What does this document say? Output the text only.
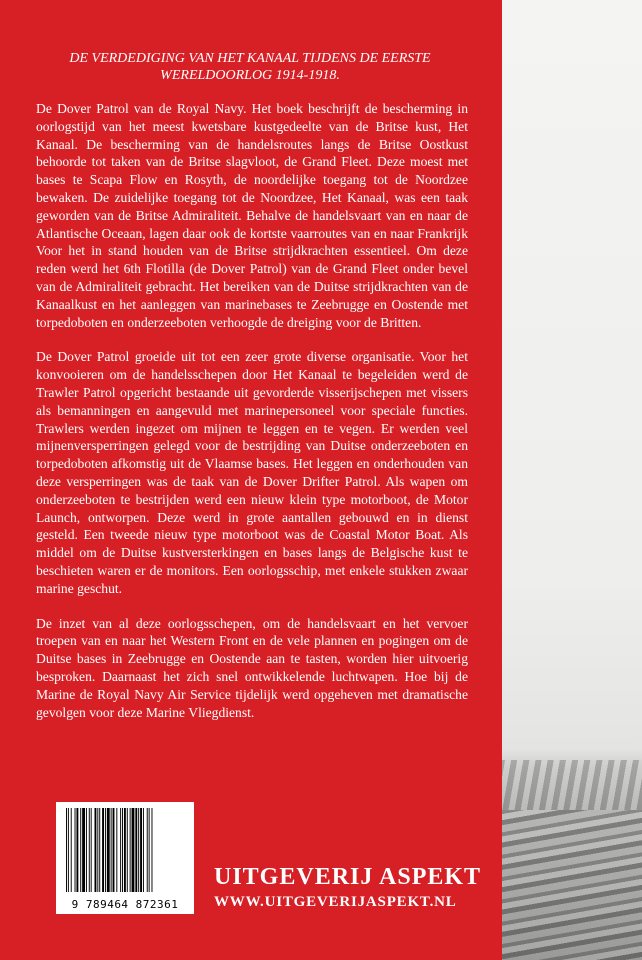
DE VERDEDIGING VAN HET KANAAL TIJDENS DE EERSTE WERELDOORLOG 1914-1918.

De Dover Patrol van de Royal Navy. Het boek beschrijft de bescherming in oorlogstijd van het meest kwetsbare kustgedeelte van de Britse kust, Het Kanaal. De bescherming van de handelsroutes langs de Britse Oostkust behoorde tot taken van de Britse slagvloot, de Grand Fleet. Deze moest met bases te Scapa Flow en Rosyth, de noordelijke toegang tot de Noordzee bewaken. De zuidelijke toegang tot de Noordzee, Het Kanaal, was een taak geworden van de Britse Admiraliteit. Behalve de handelsvaart van en naar de Atlantische Oceaan, lagen daar ook de kortste vaarroutes van en naar Frankrijk Voor het in stand houden van de Britse strijdkrachten essentieel. Om deze reden werd het 6th Flotilla (de Dover Patrol) van de Grand Fleet onder bevel van de Admiraliteit gebracht. Het bereiken van de Duitse strijdkrachten van de Kanaalkust en het aanleggen van marinebases te Zeebrugge en Oostende met torpedoboten en onderzeeboten verhoogde de dreiging voor de Britten.

De Dover Patrol groeide uit tot een zeer grote diverse organisatie. Voor het konvooieren om de handelsschepen door Het Kanaal te begeleiden werd de Trawler Patrol opgericht bestaande uit gevorderde visserijschepen met vissers als bemanningen en aangevuld met marinepersoneel voor speciale functies. Trawlers werden ingezet om mijnen te leggen en te vegen. Er werden veel mijnenversperringen gelegd voor de bestrijding van Duitse onderzeeboten en torpedoboten afkomstig uit de Vlaamse bases. Het leggen en onderhouden van deze versperringen was de taak van de Dover Drifter Patrol. Als wapen om onderzeeboten te bestrijden werd een nieuw klein type motorboot, de Motor Launch, ontworpen. Deze werd in grote aantallen gebouwd en in dienst gesteld. Een tweede nieuw type motorboot was de Coastal Motor Boat. Als middel om de Duitse kustversterkingen en bases langs de Belgische kust te beschieten waren er de monitors. Een oorlogsschip, met enkele stukken zwaar marine geschut.

De inzet van al deze oorlogsschepen, om de handelsvaart en het vervoer troepen van en naar het Western Front en de vele plannen en pogingen om de Duitse bases in Zeebrugge en Oostende aan te tasten, worden hier uitvoerig besproken. Daarnaast het zich snel ontwikkelende luchtwapen. Hoe bij de Marine de Royal Navy Air Service tijdelijk werd opgeheven met dramatische gevolgen voor deze Marine Vliegdienst.

9 789464 872361

UITGEVERIJ ASPEKT

WWW.UITGEVERIJASPEKT.NL
